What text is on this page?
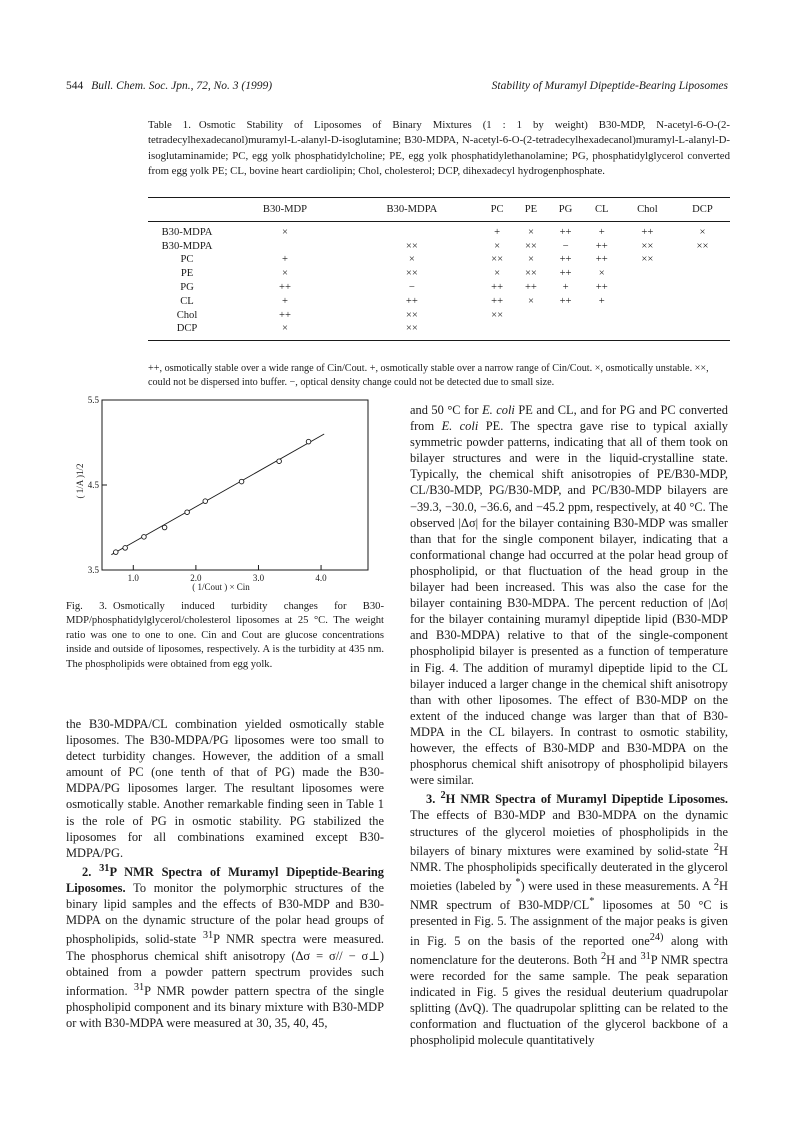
544 Bull. Chem. Soc. Jpn., 72, No. 3 (1999)	Stability of Muramyl Dipeptide-Bearing Liposomes
Table 1. Osmotic Stability of Liposomes of Binary Mixtures (1 : 1 by weight) B30-MDP, N-acetyl-6-O-(2-tetradecylhexadecanol)muramyl-L-alanyl-D-isoglutamine; B30-MDPA, N-acetyl-6-O-(2-tetradecylhexadecanol)muramyl-L-alanyl-D-isoglutaminamide; PC, egg yolk phosphatidylcholine; PE, egg yolk phosphatidylethanolamine; PG, phosphatidylglycerol converted from egg yolk PE; CL, bovine heart cardiolipin; Chol, cholesterol; DCP, dihexadecyl hydrogenphosphate.
	B30-MDP	B30-MDPA	PC	PE	PG	CL	Chol	DCP
B30-MDPA	×		+	×	++	+	++	×
B30-MDPA		××	×	××	−	++	××	××
PC	+	×	××	×	++	++	××	
PE	×	××	×	××	++	×		
PG	++	−	++	++	+	++		
CL	+	++	++	×	++	+		
Chol	++	××	××					
DCP	×	××						
++, osmotically stable over a wide range of Cin/Cout. +, osmotically stable over a narrow range of Cin/Cout. ×, osmotically unstable. ××, could not be dispersed into buffer. −, optical density change could not be detected due to small size.
1.0	2.0	3.0	4.0
3.5
4.5
5.5
( 1/Cout ) × Cin
( 1/A )1/2
Fig. 3. Osmotically induced turbidity changes for B30-MDP/phosphatidylglycerol/cholesterol liposomes at 25 °C. The weight ratio was one to one to one. Cin and Cout are glucose concentrations inside and outside of liposomes, respectively. A is the turbidity at 435 nm. The phospholipids were obtained from egg yolk.

the B30-MDPA/CL combination yielded osmotically stable liposomes. The B30-MDPA/PG liposomes were too small to detect turbidity changes. However, the addition of a small amount of PC (one tenth of that of PG) made the B30-MDPA/PG liposomes larger. The resultant liposomes were osmotically stable. Another remarkable finding seen in Table 1 is the role of PG in osmotic stability. PG stabilized the liposomes for all combinations examined except B30-MDPA/PG.

2. $^{31}$P NMR Spectra of Muramyl Dipeptide-Bearing Liposomes. To monitor the polymorphic structures of the binary lipid samples and the effects of B30-MDP and B30-MDPA on the dynamic structure of the polar head groups of phospholipids, solid-state $^{31}$P NMR spectra were measured. The phosphorus chemical shift anisotropy (Δσ = σ// − σ⊥) obtained from a powder pattern spectrum provides such information. $^{31}$P NMR powder pattern spectra of the single phospholipid component and its binary mixture with B30-MDP or with B30-MDPA were measured at 30, 35, 40, 45,

and 50 °C for E. coli PE and CL, and for PG and PC converted from E. coli PE. The spectra gave rise to typical axially symmetric powder patterns, indicating that all of them took on bilayer structures and were in the liquid-crystalline state. Typically, the chemical shift anisotropies of PE/B30-MDP, CL/B30-MDP, PG/B30-MDP, and PC/B30-MDP bilayers are −39.3, −30.0, −36.6, and −45.2 ppm, respectively, at 40 °C. The observed |Δσ| for the bilayer containing B30-MDP was smaller than that for the single component bilayer, indicating that a conformational change had occurred at the polar head group of phospholipid, or that fluctuation of the head group in the bilayer had been increased. This was also the case for the bilayer containing B30-MDPA. The percent reduction of |Δσ| for the bilayer containing muramyl dipeptide lipid (B30-MDP and B30-MDPA) relative to that of the single-component phospholipid bilayer is presented as a function of temperature in Fig. 4. The addition of muramyl dipeptide lipid to the CL bilayer induced a larger change in the chemical shift anisotropy than with other liposomes. The effect of B30-MDP on the extent of the induced change was larger than that of B30-MDPA in the CL bilayers. In contrast to osmotic stability, however, the effects of B30-MDP and B30-MDPA on the phosphorus chemical shift anisotropy of phospholipid bilayers were similar.

3. $^2$H NMR Spectra of Muramyl Dipeptide Liposomes. The effects of B30-MDP and B30-MDPA on the dynamic structures of the glycerol moieties of phospholipids in the bilayers of binary mixtures were examined by solid-state $^2$H NMR. The phospholipids specifically deuterated in the glycerol moieties (labeled by *) were used in these measurements. A $^2$H NMR spectrum of B30-MDP/CL* liposomes at 50 °C is presented in Fig. 5. The assignment of the major peaks is given in Fig. 5 on the basis of the reported one$^{24)}$ along with nomenclature for the deuterons. Both $^2$H and $^{31}$P NMR spectra were recorded for the same sample. The peak separation indicated in Fig. 5 gives the residual deuterium quadrupolar splitting (ΔνQ). The quadrupolar splitting can be related to the conformation and fluctuation of the glycerol backbone of a phospholipid molecule quantitatively
